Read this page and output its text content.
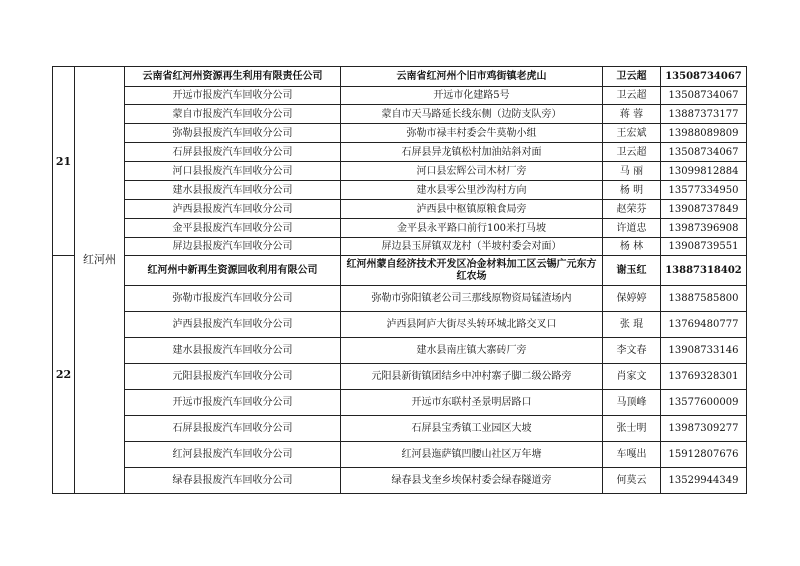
21	红河州	云南省红河州资源再生利用有限责任公司	云南省红河州个旧市鸡街镇老虎山	卫云超	13508734067
		开远市报废汽车回收分公司	开远市化建路5号	卫云超	13508734067
		蒙自市报废汽车回收分公司	蒙自市天马路延长线东侧（边防支队旁）	蒋 蓉	13887373177
		弥勒县报废汽车回收分公司	弥勒市禄丰村委会牛莫勒小组	王宏斌	13988089809
		石屏县报废汽车回收分公司	石屏县异龙镇松村加油站斜对面	卫云超	13508734067
		河口县报废汽车回收分公司	河口县宏辉公司木材厂旁	马 丽	13099812884
		建水县报废汽车回收分公司	建水县零公里沙沟村方向	杨 明	13577334950
		泸西县报废汽车回收分公司	泸西县中枢镇原粮食局旁	赵荣芬	13908737849
		金平县报废汽车回收分公司	金平县永平路口前行100米打马坡	许道忠	13987396908
		屏边县报废汽车回收分公司	屏边县玉屏镇双龙村（半坡村委会对面）	杨 林	13908739551
22		红河州中新再生资源回收利用有限公司	红河州蒙自经济技术开发区冶金材料加工区云锡广元东方红农场	谢玉红	13887318402
		弥勒市报废汽车回收分公司	弥勒市弥阳镇老公司三那线原物资局锰渣场内	保婷婷	13887585800
		泸西县报废汽车回收分公司	泸西县阿庐大街尽头转环城北路交叉口	张 琨	13769480777
		建水县报废汽车回收分公司	建水县南庄镇大寨砖厂旁	李文春	13908733146
		元阳县报废汽车回收分公司	元阳县新街镇团结乡中冲村寨子脚二级公路旁	肖家文	13769328301
		开远市报废汽车回收分公司	开远市东联村圣景明居路口	马顶峰	13577600009
		石屏县报废汽车回收分公司	石屏县宝秀镇工业园区大坡	张士明	13987309277
		红河县报废汽车回收分公司	红河县迤萨镇凹腰山社区万年塘	车嘎出	15912807676
		绿春县报废汽车回收分公司	绿春县戈奎乡埃保村委会绿春隧道旁	何莫云	13529944349
